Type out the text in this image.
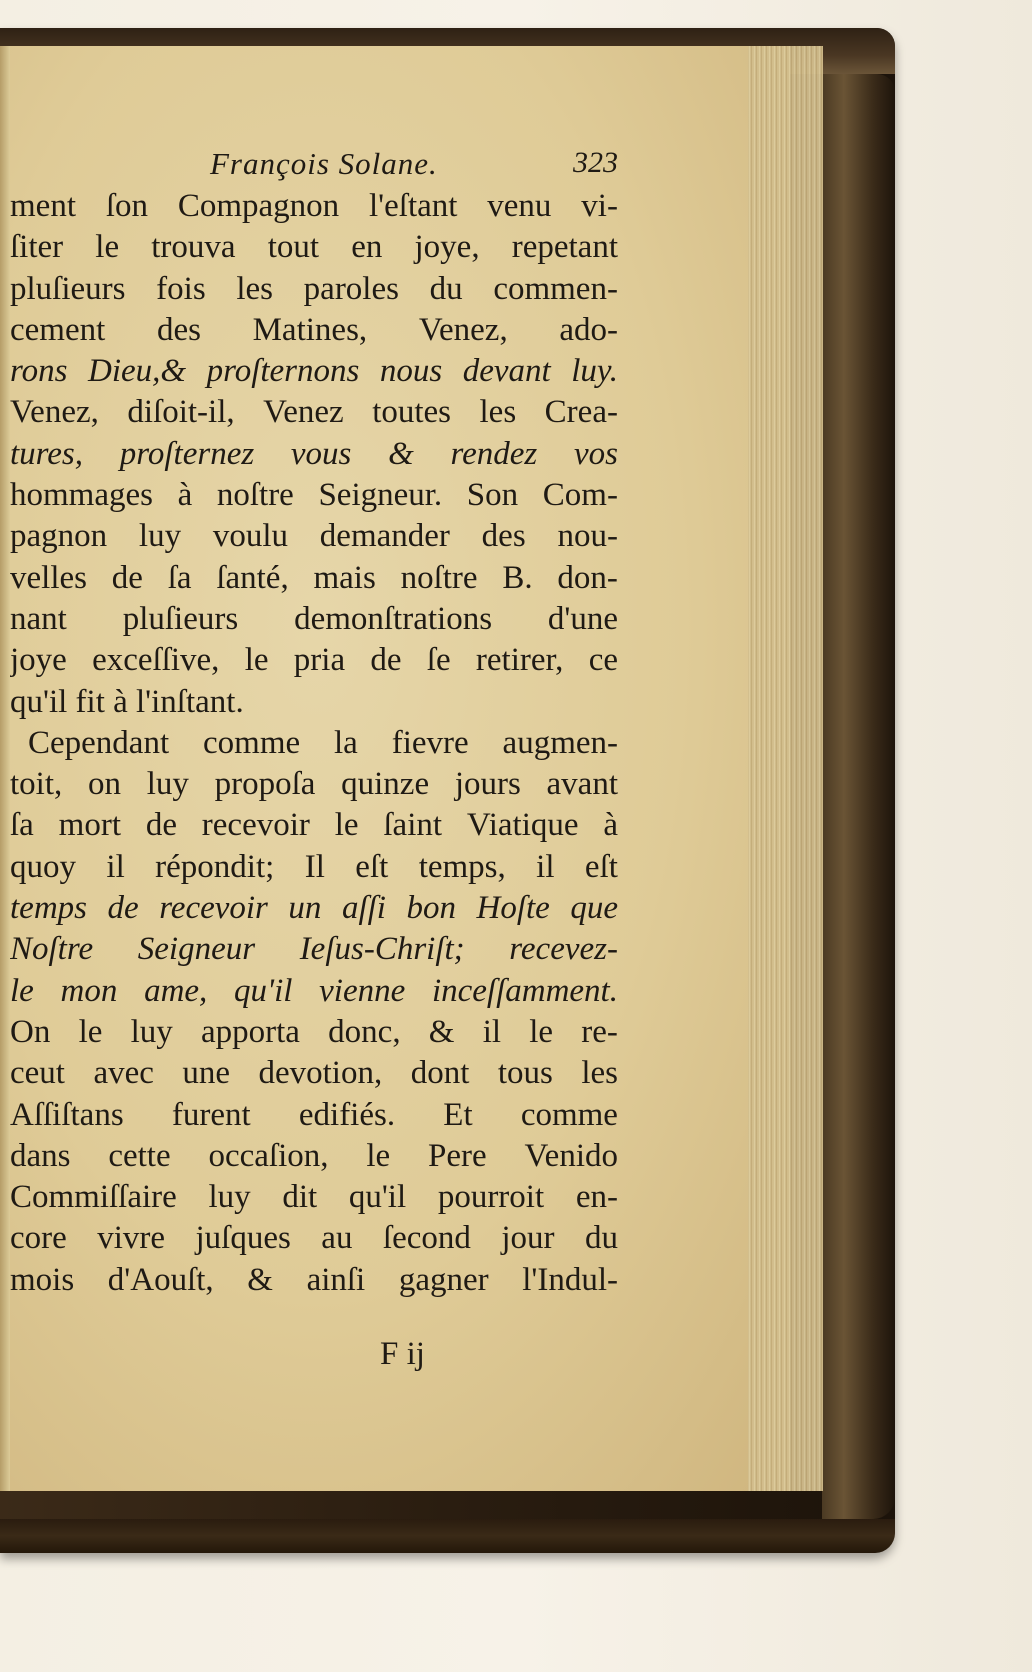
François Solane.	323
ment ſon Compagnon l'eſtant venu vi-
ſiter le trouva tout en joye, repetant
pluſieurs fois les paroles du commen-
cement des Matines, Venez, ado-
rons Dieu,& proſternons nous devant luy.
Venez, diſoit-il, Venez toutes les Crea-
tures, proſternez vous & rendez vos
hommages à noſtre Seigneur. Son Com-
pagnon luy voulu demander des nou-
velles de ſa ſanté, mais noſtre B. don-
nant pluſieurs demonſtrations d'une
joye exceſſive, le pria de ſe retirer, ce
qu'il fit à l'inſtant.
Cependant comme la fievre augmen-
toit, on luy propoſa quinze jours avant
ſa mort de recevoir le ſaint Viatique à
quoy il répondit; Il eſt temps, il eſt
temps de recevoir un aſſi bon Hoſte que
Noſtre Seigneur Ieſus-Chriſt; recevez-
le mon ame, qu'il vienne inceſſamment.
On le luy apporta donc, & il le re-
ceut avec une devotion, dont tous les
Aſſiſtans furent edifiés. Et comme
dans cette occaſion, le Pere Venido
Commiſſaire luy dit qu'il pourroit en-
core vivre juſques au ſecond jour du
mois d'Aouſt, & ainſi gagner l'Indul-
F ij
